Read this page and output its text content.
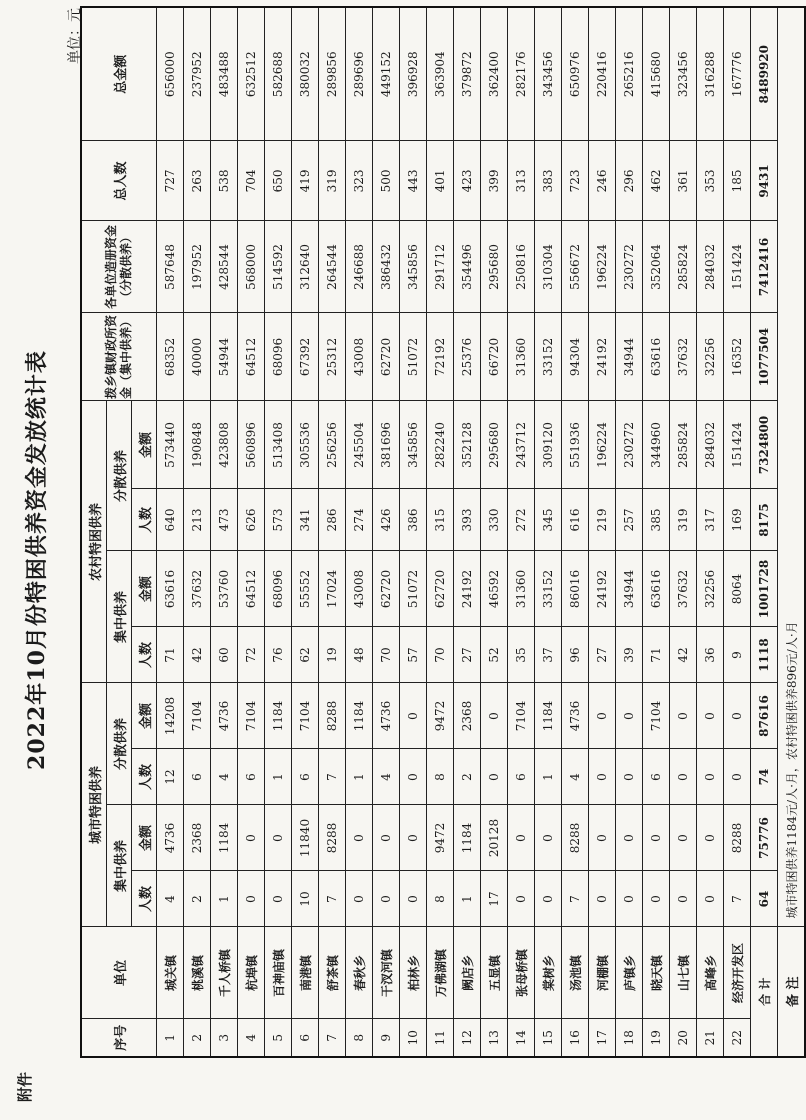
附件
2022年10月份特困供养资金发放统计表
单位：元
序号	单位	城市特困供养				农村特困供养				拨乡镇财政所资金（集中供养）	各单位造册资金（分散供养）	总人数	总金额
		集中供养		分散供养		集中供养		分散供养					
		人数	金额	人数	金额	人数	金额	人数	金额				
1	城关镇	4	4736	12	14208	71	63616	640	573440	68352	587648	727	656000
2	桃溪镇	2	2368	6	7104	42	37632	213	190848	40000	197952	263	237952
3	千人桥镇	1	1184	4	4736	60	53760	473	423808	54944	428544	538	483488
4	杭埠镇	0	0	6	7104	72	64512	626	560896	64512	568000	704	632512
5	百神庙镇	0	0	1	1184	76	68096	573	513408	68096	514592	650	582688
6	南港镇	10	11840	6	7104	62	55552	341	305536	67392	312640	419	380032
7	舒茶镇	7	8288	7	8288	19	17024	286	256256	25312	264544	319	289856
8	春秋乡	0	0	1	1184	48	43008	274	245504	43008	246688	323	289696
9	干汊河镇	0	0	4	4736	70	62720	426	381696	62720	386432	500	449152
10	柏林乡	0	0	0	0	57	51072	386	345856	51072	345856	443	396928
11	万佛湖镇	8	9472	8	9472	70	62720	315	282240	72192	291712	401	363904
12	阙店乡	1	1184	2	2368	27	24192	393	352128	25376	354496	423	379872
13	五显镇	17	20128	0	0	52	46592	330	295680	66720	295680	399	362400
14	张母桥镇	0	0	6	7104	35	31360	272	243712	31360	250816	313	282176
15	棠树乡	0	0	1	1184	37	33152	345	309120	33152	310304	383	343456
16	汤池镇	7	8288	4	4736	96	86016	616	551936	94304	556672	723	650976
17	河棚镇	0	0	0	0	27	24192	219	196224	24192	196224	246	220416
18	庐镇乡	0	0	0	0	39	34944	257	230272	34944	230272	296	265216
19	晓天镇	0	0	6	7104	71	63616	385	344960	63616	352064	462	415680
20	山七镇	0	0	0	0	42	37632	319	285824	37632	285824	361	323456
21	高峰乡	0	0	0	0	36	32256	317	284032	32256	284032	353	316288
22	经济开发区	7	8288	0	0	9	8064	169	151424	16352	151424	185	167776
合 计		64	75776	74	87616	1118	1001728	8175	7324800	1077504	7412416	9431	8489920
备 注		城市特困供养1184元/人·月，农村特困供养896元/人·月											
